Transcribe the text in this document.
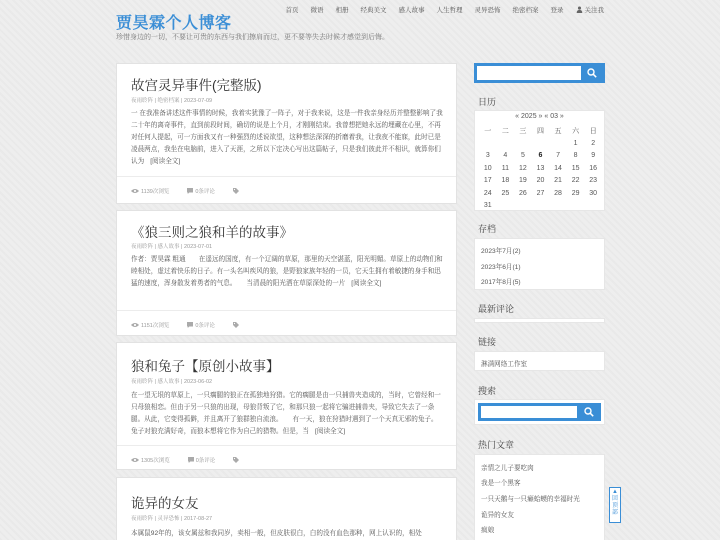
贾昊霖个人博客
珍惜身边的一切，不要让可贵的东西与我们擦肩而过，更不要等失去时候才感觉到后悔。
首页 微语 相册 经典美文 感人故事 人生哲理 灵异恐怖 绝密档案 登录	关注我
故宫灵异事件(完整版)
夜雨聆阵 | 绝密档案 | 2023-07-09
一 在我准备讲述这件事情的时候，我着实犹豫了一阵子，对于我来说，这是一件我亲身经历并整整影响了我二十年的离奇事件，直到前段时间，确切的说是上个月，才刚刚结束。我曾想把她永远的埋藏在心里，不再对任何人提起，可一方面我又有一种强烈的述说欲望，这种想法深深的折磨着我，让我夜不能寐，此时已是凌晨两点，我坐在电脑前，进入了天涯，之所以下定决心写出这篇帖子，只是我们彼此并不相识，就算你们认为 [阅读全文]
1139次浏览	0条评论
《狼三则之狼和羊的故事》
夜雨聆阵 | 感人故事 | 2023-07-01
作者：贾昊霖 粗通　　在遥远的国度，有一个辽阔的草原，那里的天空湛蓝，阳光明媚。草原上的动物们和睦相处，虚过着快乐的日子。有一头名叫疾风的狼，是野狼家族年轻的一员，它天生拥有着敏捷的身手和迅猛的速度，浑身散发着勇者的气息。　　当清晨的阳光洒在草原深处的一片 [阅读全文]
1151次浏览	0条评论
狼和兔子【原创小故事】
夜雨聆阵 | 感人故事 | 2023-06-02
在一望无垠的草原上，一只瘸腿的狼正在孤独地狩猎。它的瘸腿是由一只捕兽夹造成的，当时，它曾经和一只母狼相恋。但由于另一只狼的出现，母狼背叛了它，和那只狼一起将它骗进捕兽夹，导致它失去了一条腿。从此，它变得孤僻，并且离开了狼群独自流浪。　　有一天，狼在狩猎时遇到了一个天真无邪的兔子。兔子对狼充满好奇，而狼本想将它作为自己的猎物。但是，当 [阅读全文]
1305次浏览	0条评论
诡异的女友
夜雨聆阵 | 灵异恐怖 | 2017-08-27
本属鼠92年的，该女属兹和我同岁，卖相一般，但皮肤很白，白的没有血色那种，网上认识的，相处
日历
« 2025 » « 03 »
一	二	三	四	五	六	日
					1	2
3	4	5	6	7	8	9
10	11	12	13	14	15	16
17	18	19	20	21	22	23
24	25	26	27	28	29	30
31						
存档
2023年7月(2)
2023年6月(1)
2017年8月(5)
最新评论
链接
淋满网络工作室
搜索
热门文章
亲情之儿子要吃肉
我是一个黑客
一只天鹅与一只癞蛤蟆的幸福时光
诡异的女友
疯娘
▲
回顶部
